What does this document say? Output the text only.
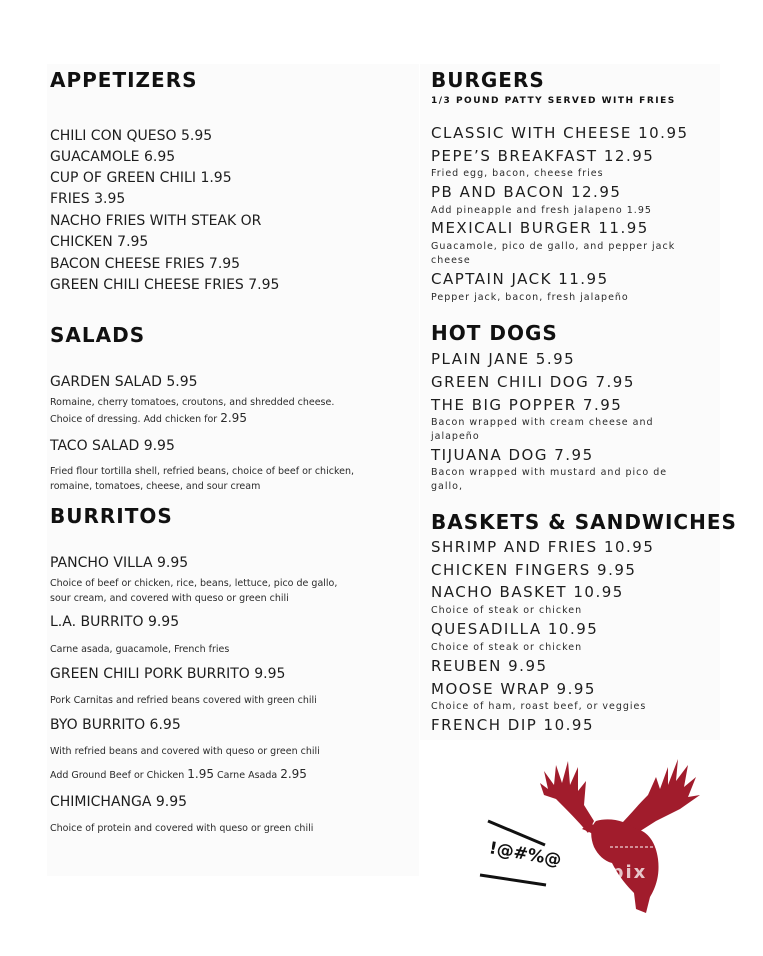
APPETIZERS
CHILI CON QUESO 5.95
GUACAMOLE 6.95
CUP OF GREEN CHILI 1.95
FRIES 3.95
NACHO FRIES WITH STEAK OR
CHICKEN 7.95
BACON CHEESE FRIES 7.95
GREEN CHILI CHEESE FRIES 7.95
SALADS
GARDEN SALAD 5.95
Romaine, cherry tomatoes, croutons, and shredded cheese.
Choice of dressing. Add chicken for 2.95
TACO SALAD 9.95
Fried flour tortilla shell, refried beans, choice of beef or chicken,
romaine, tomatoes, cheese, and sour cream
BURRITOS
PANCHO VILLA 9.95
Choice of beef or chicken, rice, beans, lettuce, pico de gallo,
sour cream, and covered with queso or green chili
L.A. BURRITO 9.95
Carne asada, guacamole, French fries
GREEN CHILI PORK BURRITO 9.95
Pork Carnitas and refried beans covered with green chili
BYO BURRITO 6.95
With refried beans and covered with queso or green chili
Add Ground Beef or Chicken 1.95 Carne Asada 2.95
CHIMICHANGA 9.95
Choice of protein and covered with queso or green chili
BURGERS
1/3 POUND PATTY SERVED WITH FRIES
CLASSIC WITH CHEESE 10.95
PEPE’S BREAKFAST 12.95
Fried egg, bacon, cheese fries
PB AND BACON 12.95
Add pineapple and fresh jalapeno 1.95
MEXICALI BURGER 11.95
Guacamole, pico de gallo, and pepper jack
cheese
CAPTAIN JACK 11.95
Pepper jack, bacon, fresh jalapeño
HOT DOGS
PLAIN JANE 5.95
GREEN CHILI DOG 7.95
THE BIG POPPER 7.95
Bacon wrapped with cream cheese and
jalapeño
TIJUANA DOG 7.95
Bacon wrapped with mustard and pico de
gallo,
BASKETS & SANDWICHES
SHRIMP AND FRIES 10.95
CHICKEN FINGERS 9.95
NACHO BASKET 10.95
Choice of steak or chicken
QUESADILLA 10.95
Choice of steak or chicken
REUBEN 9.95
MOOSE WRAP 9.95
Choice of ham, roast beef, or veggies
FRENCH DIP 10.95
!@#%@
menupix
